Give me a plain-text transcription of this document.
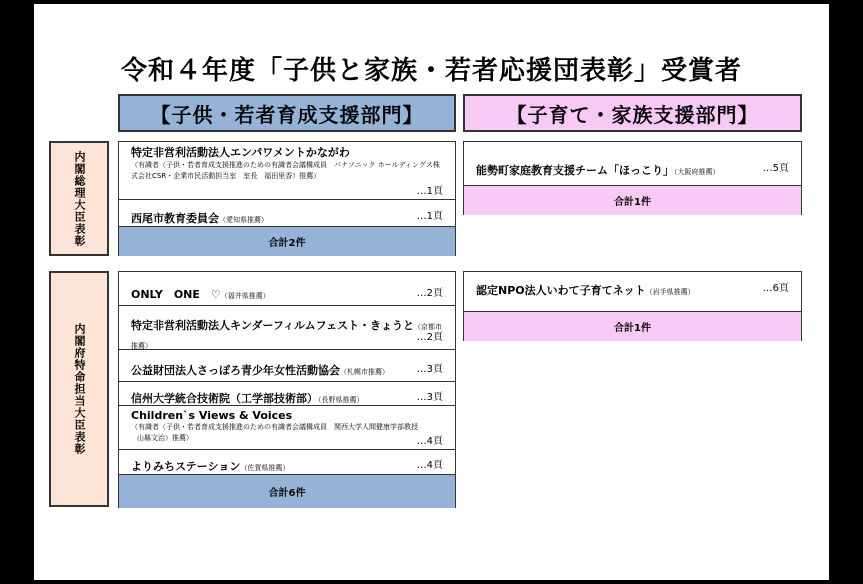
令和４年度「子供と家族・若者応援団表彰」受賞者
【子供・若者育成支援部門】	【子育て・家族支援部門】
内閣総理大臣表彰
内閣府特命担当大臣表彰
特定非営利活動法人エンパワメントかながわ
（有識者（子供・若者育成支援推進のための有識者会議構成員　パナソニック ホールディングス株
式会社CSR・企業市民活動担当室　室長　福田里香）推薦）
…1頁
西尾市教育委員会（愛知県推薦）	…1頁
合計2件
能勢町家庭教育支援チーム「ほっこり」（大阪府推薦）	…5頁
合計1件
ONLY　ONE　♡（福井県推薦）	…2頁
特定非営利活動法人キンダーフィルムフェスト・きょうと（京都市推薦）
…2頁
公益財団法人さっぽろ青少年女性活動協会（札幌市推薦）	…3頁
信州大学統合技術院（工学部技術部）（長野県推薦）	…3頁
Children`s Views & Voices
（有識者（子供・若者育成支援推進のための有識者会議構成員　関西大学人間健康学部教授
山縣文治）推薦）	…4頁
よりみちステーション（佐賀県推薦）	…4頁
合計6件
認定NPO法人いわて子育てネット（岩手県推薦）	…6頁
合計1件
